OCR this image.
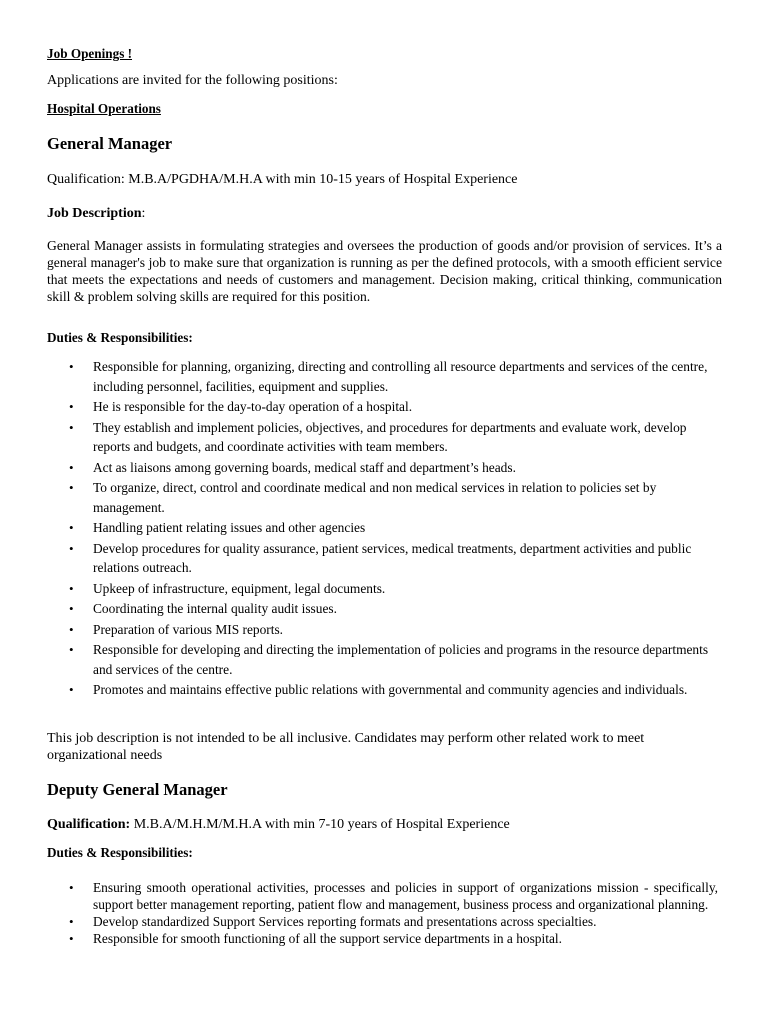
Job Openings !

Applications are invited for the following positions:

Hospital Operations

General Manager

Qualification: M.B.A/PGDHA/M.H.A with min 10-15 years of Hospital Experience

Job Description:

General Manager assists in formulating strategies and oversees the production of goods and/or provision of services. It’s a general manager's job to make sure that organization is running as per the defined protocols, with a smooth efficient service that meets the expectations and needs of customers and management. Decision making, critical thinking, communication skill & problem solving skills are required for this position.

Duties & Responsibilities:

• Responsible for planning, organizing, directing and controlling all resource departments and services of the centre, including personnel, facilities, equipment and supplies.
• He is responsible for the day-to-day operation of a hospital.
• They establish and implement policies, objectives, and procedures for departments and evaluate work, develop reports and budgets, and coordinate activities with team members.
• Act as liaisons among governing boards, medical staff and department’s heads.
• To organize, direct, control and coordinate medical and non medical services in relation to policies set by management.
• Handling patient relating issues and other agencies
• Develop procedures for quality assurance, patient services, medical treatments, department activities and public relations outreach.
• Upkeep of infrastructure, equipment, legal documents.
• Coordinating the internal quality audit issues.
• Preparation of various MIS reports.
• Responsible for developing and directing the implementation of policies and programs in the resource departments and services of the centre.
• Promotes and maintains effective public relations with governmental and community agencies and individuals.

This job description is not intended to be all inclusive. Candidates may perform other related work to meet organizational needs

Deputy General Manager

Qualification: M.B.A/M.H.M/M.H.A with min 7-10 years of Hospital Experience

Duties & Responsibilities:

• Ensuring smooth operational activities, processes and policies in support of organizations mission - specifically, support better management reporting, patient flow and management, business process and organizational planning.
• Develop standardized Support Services reporting formats and presentations across specialties.
• Responsible for smooth functioning of all the support service departments in a hospital.
